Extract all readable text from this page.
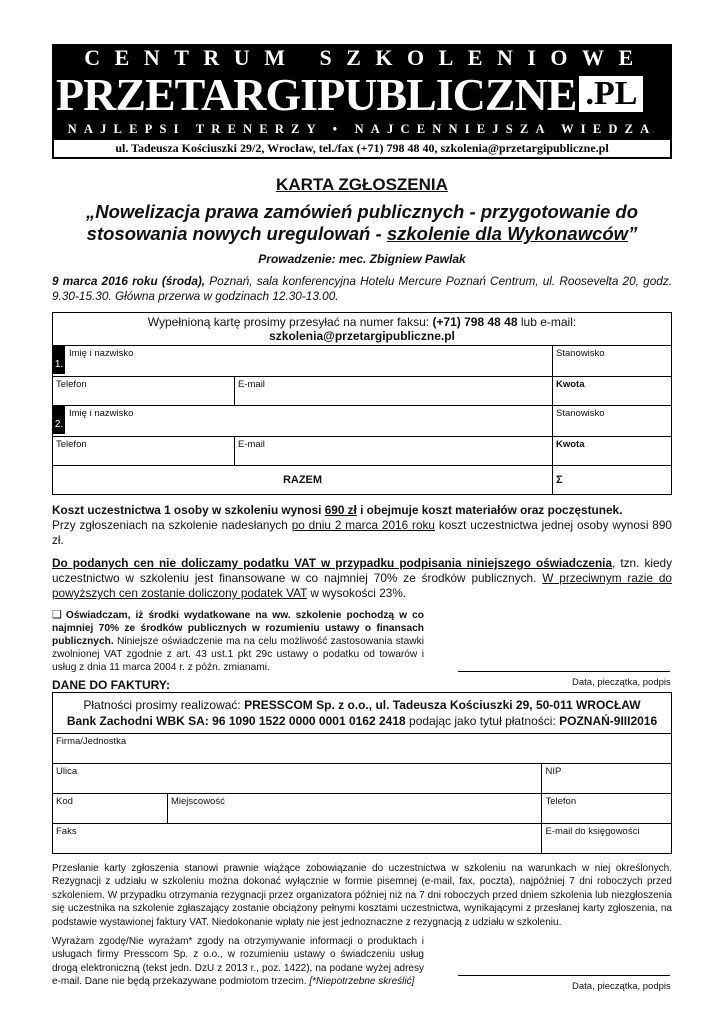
CENTRUM SZKOLENIOWE
PRZETARGIPUBLICZNE .PL
NAJLEPSI TRENERZY • NAJCENNIEJSZA WIEDZA
ul. Tadeusza Kościuszki 29/2, Wrocław, tel./fax (+71) 798 48 40, szkolenia@przetargipubliczne.pl
KARTA ZGŁOSZENIA
„Nowelizacja prawa zamówień publicznych - przygotowanie do stosowania nowych uregulowań - szkolenie dla Wykonawców”
Prowadzenie: mec. Zbigniew Pawlak
9 marca 2016 roku (środa), Poznań, sala konferencyjna Hotelu Mercure Poznań Centrum, ul. Roosevelta 20, godz. 9.30-15.30. Główna przerwa w godzinach 12.30-13.00.
Wypełnioną kartę prosimy przesyłać na numer faksu: (+71) 798 48 48 lub e-mail: szkolenia@przetargipubliczne.pl		
1.Imię i nazwisko		Stanowisko
Telefon	E-mail	Kwota
2.Imię i nazwisko		Stanowisko
Telefon	E-mail	Kwota
RAZEM		Σ
Koszt uczestnictwa 1 osoby w szkoleniu wynosi 690 zł i obejmuje koszt materiałów oraz poczęstunek.
Przy zgłoszeniach na szkolenie nadesłanych po dniu 2 marca 2016 roku koszt uczestnictwa jednej osoby wynosi 890 zł.
Do podanych cen nie doliczamy podatku VAT w przypadku podpisania niniejszego oświadczenia, tzn. kiedy uczestnictwo w szkoleniu jest finansowane w co najmniej 70% ze środków publicznych. W przeciwnym razie do powyższych cen zostanie doliczony podatek VAT w wysokości 23%.
❑ Oświadczam, iż środki wydatkowane na ww. szkolenie pochodzą w co najmniej 70% ze środków publicznych w rozumieniu ustawy o finansach publicznych. Niniejsze oświadczenie ma na celu możliwość zastosowania stawki zwolnionej VAT zgodnie z art. 43 ust.1 pkt 29c ustawy o podatku od towarów i usług z dnia 11 marca 2004 r. z późn. zmianami.
Data, pieczątka, podpis
DANE DO FAKTURY:
Płatności prosimy realizować: PRESSCOM Sp. z o.o., ul. Tadeusza Kościuszki 29, 50-011 WROCŁAW
Bank Zachodni WBK SA: 96 1090 1522 0000 0001 0162 2418 podając jako tytuł płatności: POZNAŃ-9III2016		
Firma/Jednostka		
Ulica		NIP
Kod	Miejscowość	Telefon
Faks		E-mail do księgowości
Przesłanie karty zgłoszenia stanowi prawnie wiążące zobowiązanie do uczestnictwa w szkoleniu na warunkach w niej określonych. Rezygnacji z udziału w szkoleniu można dokonać wyłącznie w formie pisemnej (e-mail, fax, poczta), najpóźniej 7 dni roboczych przed szkoleniem. W przypadku otrzymania rezygnacji przez organizatora później niż na 7 dni roboczych przed dniem szkolenia lub niezgłoszenia się uczestnika na szkolenie zgłaszający zostanie obciążony pełnymi kosztami uczestnictwa, wynikającymi z przesłanej karty zgłoszenia, na podstawie wystawionej faktury VAT. Niedokonanie wpłaty nie jest jednoznaczne z rezygnacją z udziału w szkoleniu.
Wyrażam zgodę/Nie wyrażam* zgody na otrzymywanie informacji o produktach i usługach firmy Presscom Sp. z o.o., w rozumieniu ustawy o świadczeniu usług drogą elektroniczną (tekst jedn. DzU z 2013 r., poz. 1422), na podane wyżej adresy e-mail. Dane nie będą przekazywane podmiotom trzecim. [*Niepotrzebne skreślić]	Data, pieczątka, podpis
